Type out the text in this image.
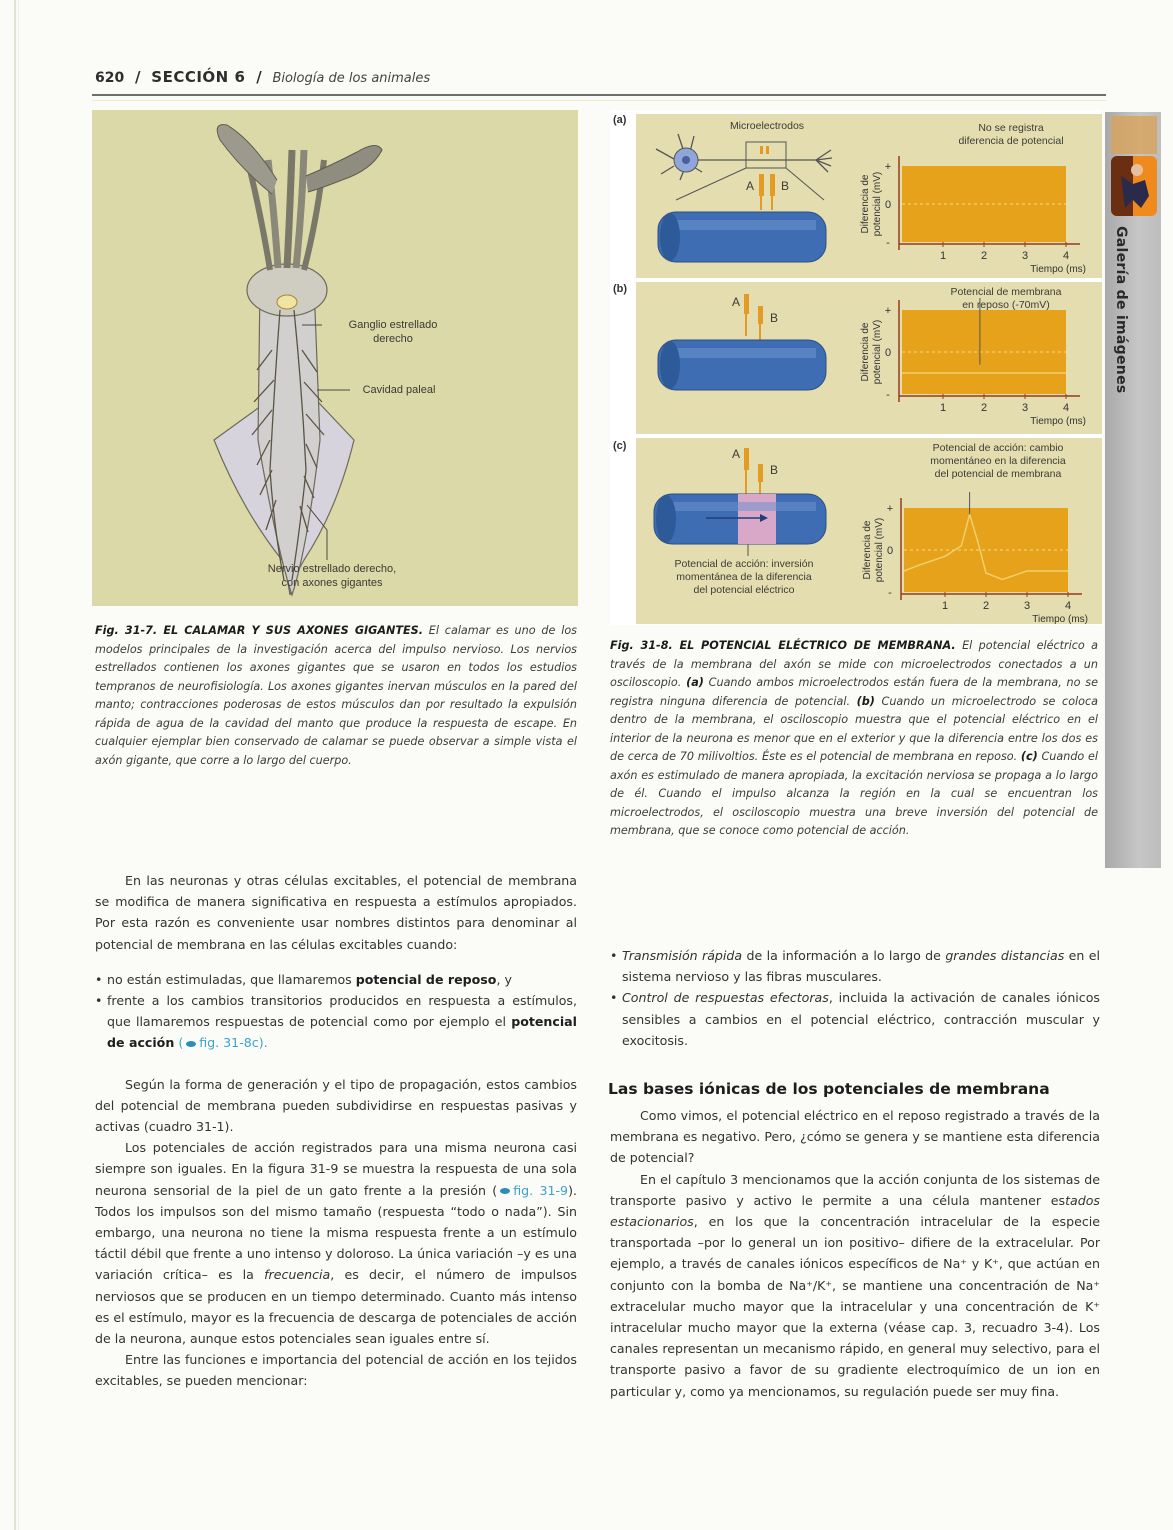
620 / SECCIÓN 6 / Biología de los animales
Ganglio estrellado
derecho
Cavidad paleal
Nervio estrellado derecho,
con axones gigantes
Fig. 31-7. EL CALAMAR Y SUS AXONES GIGANTES. El calamar es uno de los modelos principales de la investigación acerca del impulso nervioso. Los nervios estrellados contienen los axones gigantes que se usaron en todos los estudios tempranos de neurofisiología. Los axones gigantes inervan músculos en la pared del manto; contracciones poderosas de estos músculos dan por resultado la expulsión rápida de agua de la cavidad del manto que produce la respuesta de escape. En cualquier ejemplar bien conservado de calamar se puede observar a simple vista el axón gigante, que corre a lo largo del cuerpo.
(a)
+
0
-
1	2	3	4
Tiempo (ms)
Diferencia de potencial (mV)
Microelectrodos
A B
No se registra
diferencia de potencial
(b)
+
0
-
1	2	3	4
Tiempo (ms)
Diferencia de potencial (mV)
A
B
Potencial de membrana
en reposo (-70mV)
(c)
+
0
-
1	2	3	4
Tiempo (ms)
Diferencia de potencial (mV)
A
B
Potencial de acción: inversión
momentánea de la diferencia
del potencial eléctrico
Potencial de acción: cambio
momentáneo en la diferencia
del potencial de membrana
Fig. 31-8. EL POTENCIAL ELÉCTRICO DE MEMBRANA. El potencial eléctrico a través de la membrana del axón se mide con microelectrodos conectados a un osciloscopio. (a) Cuando ambos microelectrodos están fuera de la membrana, no se registra ninguna diferencia de potencial. (b) Cuando un microelectrodo se coloca dentro de la membrana, el osciloscopio muestra que el potencial eléctrico en el interior de la neurona es menor que en el exterior y que la diferencia entre los dos es de cerca de 70 milivoltios. Éste es el potencial de membrana en reposo. (c) Cuando el axón es estimulado de manera apropiada, la excitación nerviosa se propaga a lo largo de él. Cuando el impulso alcanza la región en la cual se encuentran los microelectrodos, el osciloscopio muestra una breve inversión del potencial de membrana, que se conoce como potencial de acción.
Galería de imágenes

En las neuronas y otras células excitables, el potencial de membrana se modifica de manera significativa en respuesta a estímulos apropiados. Por esta razón es conveniente usar nombres distintos para denominar al potencial de membrana en las células excitables cuando:

• no están estimuladas, que llamaremos potencial de reposo, y
• frente a los cambios transitorios producidos en respuesta a estímulos, que llamaremos respuestas de potencial como por ejemplo el potencial de acción ( fig. 31-8c).

Según la forma de generación y el tipo de propagación, estos cambios del potencial de membrana pueden subdividirse en respuestas pasivas y activas (cuadro 31-1).

Los potenciales de acción registrados para una misma neurona casi siempre son iguales. En la figura 31-9 se muestra la respuesta de una sola neurona sensorial de la piel de un gato frente a la presión ( fig. 31-9). Todos los impulsos son del mismo tamaño (respuesta “todo o nada”). Sin embargo, una neurona no tiene la misma respuesta frente a un estímulo táctil débil que frente a uno intenso y doloroso. La única variación –y es una variación crítica– es la frecuencia, es decir, el número de impulsos nerviosos que se producen en un tiempo determinado. Cuanto más intenso es el estímulo, mayor es la frecuencia de descarga de potenciales de acción de la neurona, aunque estos potenciales sean iguales entre sí.

Entre las funciones e importancia del potencial de acción en los tejidos excitables, se pueden mencionar:

• Transmisión rápida de la información a lo largo de grandes distancias en el sistema nervioso y las fibras musculares.
• Control de respuestas efectoras, incluida la activación de canales iónicos sensibles a cambios en el potencial eléctrico, contracción muscular y exocitosis.
Las bases iónicas de los potenciales de membrana

Como vimos, el potencial eléctrico en el reposo registrado a través de la membrana es negativo. Pero, ¿cómo se genera y se mantiene esta diferencia de potencial?

En el capítulo 3 mencionamos que la acción conjunta de los sistemas de transporte pasivo y activo le permite a una célula mantener estados estacionarios, en los que la concentración intracelular de la especie transportada –por lo general un ion positivo– difiere de la extracelular. Por ejemplo, a través de canales iónicos específicos de Na⁺ y K⁺, que actúan en conjunto con la bomba de Na⁺/K⁺, se mantiene una concentración de Na⁺ extracelular mucho mayor que la intracelular y una concentración de K⁺ intracelular mucho mayor que la externa (véase cap. 3, recuadro 3-4). Los canales representan un mecanismo rápido, en general muy selectivo, para el transporte pasivo a favor de su gradiente electroquímico de un ion en particular y, como ya mencionamos, su regulación puede ser muy fina.
